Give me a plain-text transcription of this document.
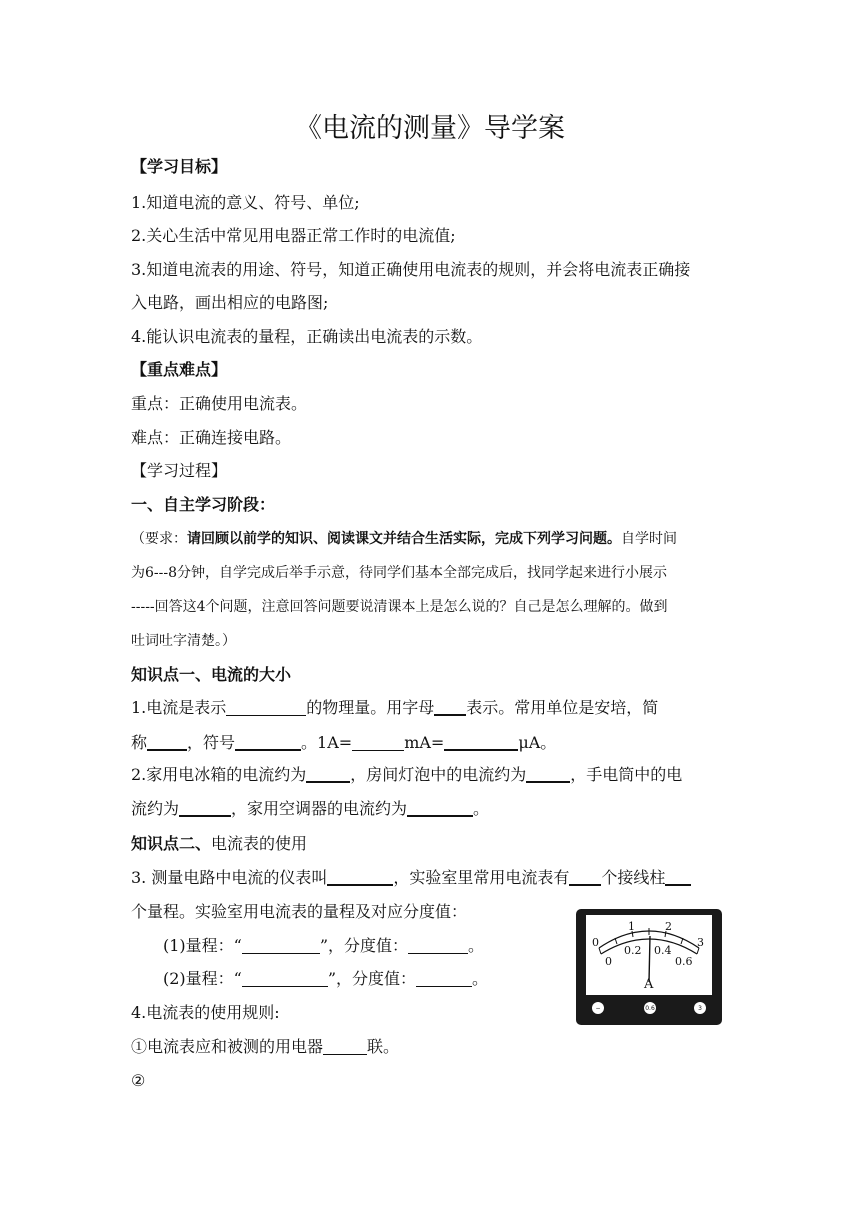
《电流的测量》导学案
【学习目标】
1.知道电流的意义、符号、单位;
2.关心生活中常见用电器正常工作时的电流值;
3.知道电流表的用途、符号，知道正确使用电流表的规则，并会将电流表正确接
入电路，画出相应的电路图;
4.能认识电流表的量程，正确读出电流表的示数。
【重点难点】
重点：正确使用电流表。
难点：正确连接电路。
【学习过程】
一、自主学习阶段：
（要求：请回顾以前学的知识、阅读课文并结合生活实际，完成下列学习问题。自学时间
为6---8分钟，自学完成后举手示意，待同学们基本全部完成后，找同学起来进行小展示
-----回答这4个问题，注意回答问题要说清课本上是怎么说的？自己是怎么理解的。做到
吐词吐字清楚。）
知识点一、电流的大小
1.电流是表示	的物理量。用字母 表示。常用单位是安培，简
称	，符号	。1A=	mA=	μA。
2.家用电冰箱的电流约为	，房间灯泡中的电流约为	，手电筒中的电
流约为	，家用空调器的电流约为	。
知识点二、电流表的使用
3. 测量电路中电流的仪表叫	，实验室里常用电流表有 个接线柱
个量程。实验室用电流表的量程及对应分度值：
(1)量程：“	”，分度值：	。
(2)量程：“	”，分度值：	。
4.电流表的使用规则:
①电流表应和被测的用电器	联。
②
0
1	2
3
0
0.2 0.4
0.6
A
−	0.6	3
